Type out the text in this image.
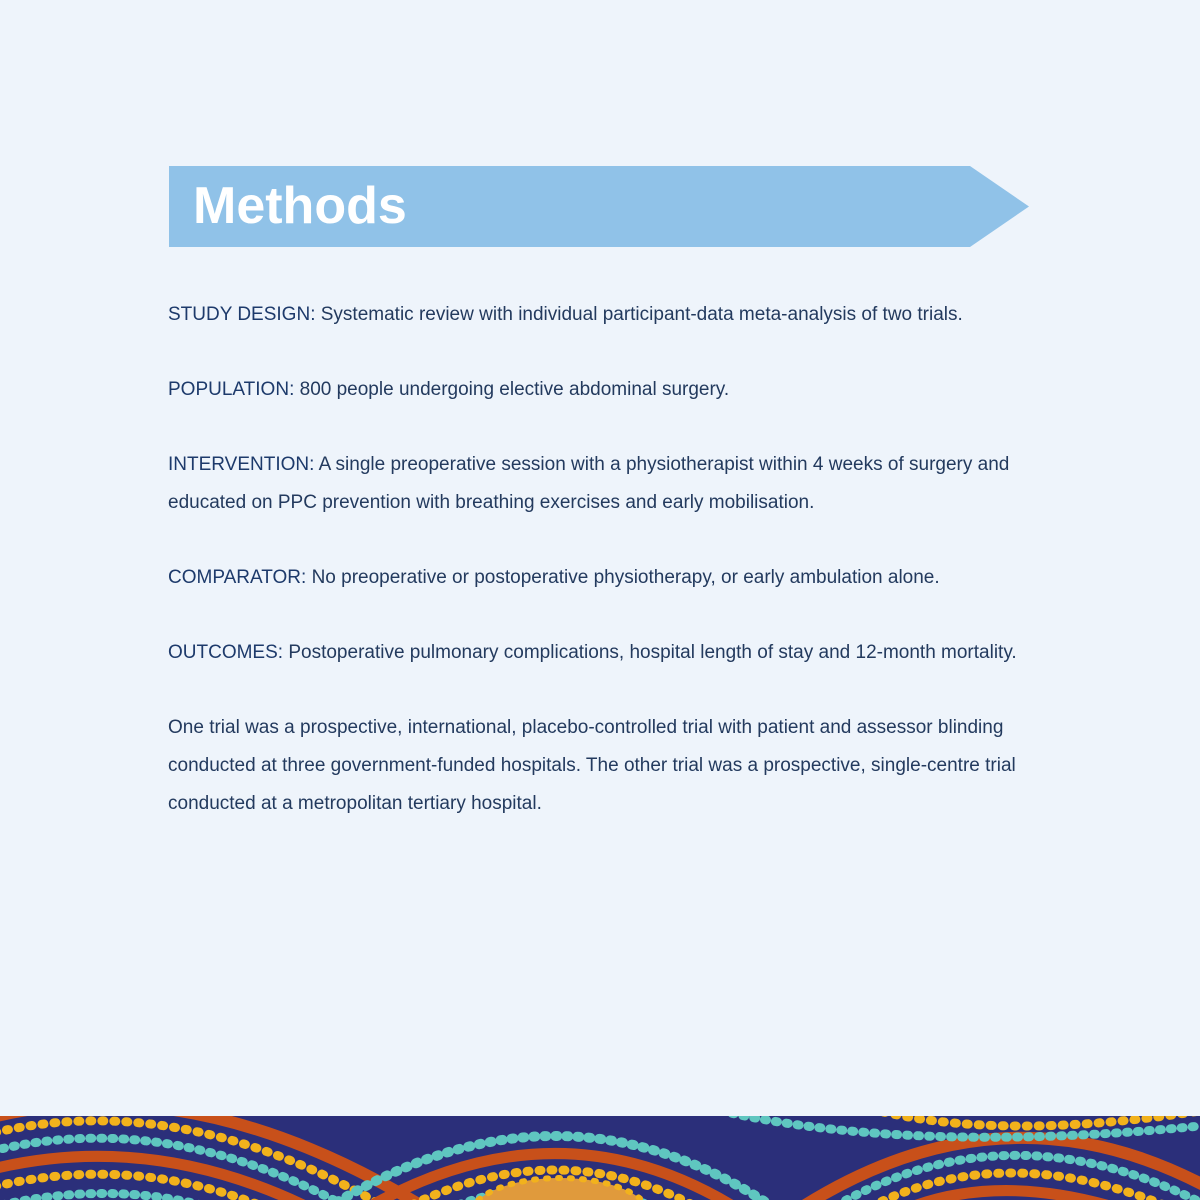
Methods

STUDY DESIGN: Systematic review with individual participant-data meta-analysis of two trials.

POPULATION: 800 people undergoing elective abdominal surgery.

INTERVENTION: A single preoperative session with a physiotherapist within 4 weeks of surgery and
educated on PPC prevention with breathing exercises and early mobilisation.

COMPARATOR: No preoperative or postoperative physiotherapy, or early ambulation alone.

OUTCOMES: Postoperative pulmonary complications, hospital length of stay and 12-month mortality.

One trial was a prospective, international, placebo-controlled trial with patient and assessor blinding
conducted at three government-funded hospitals. The other trial was a prospective, single-centre trial
conducted at a metropolitan tertiary hospital.
